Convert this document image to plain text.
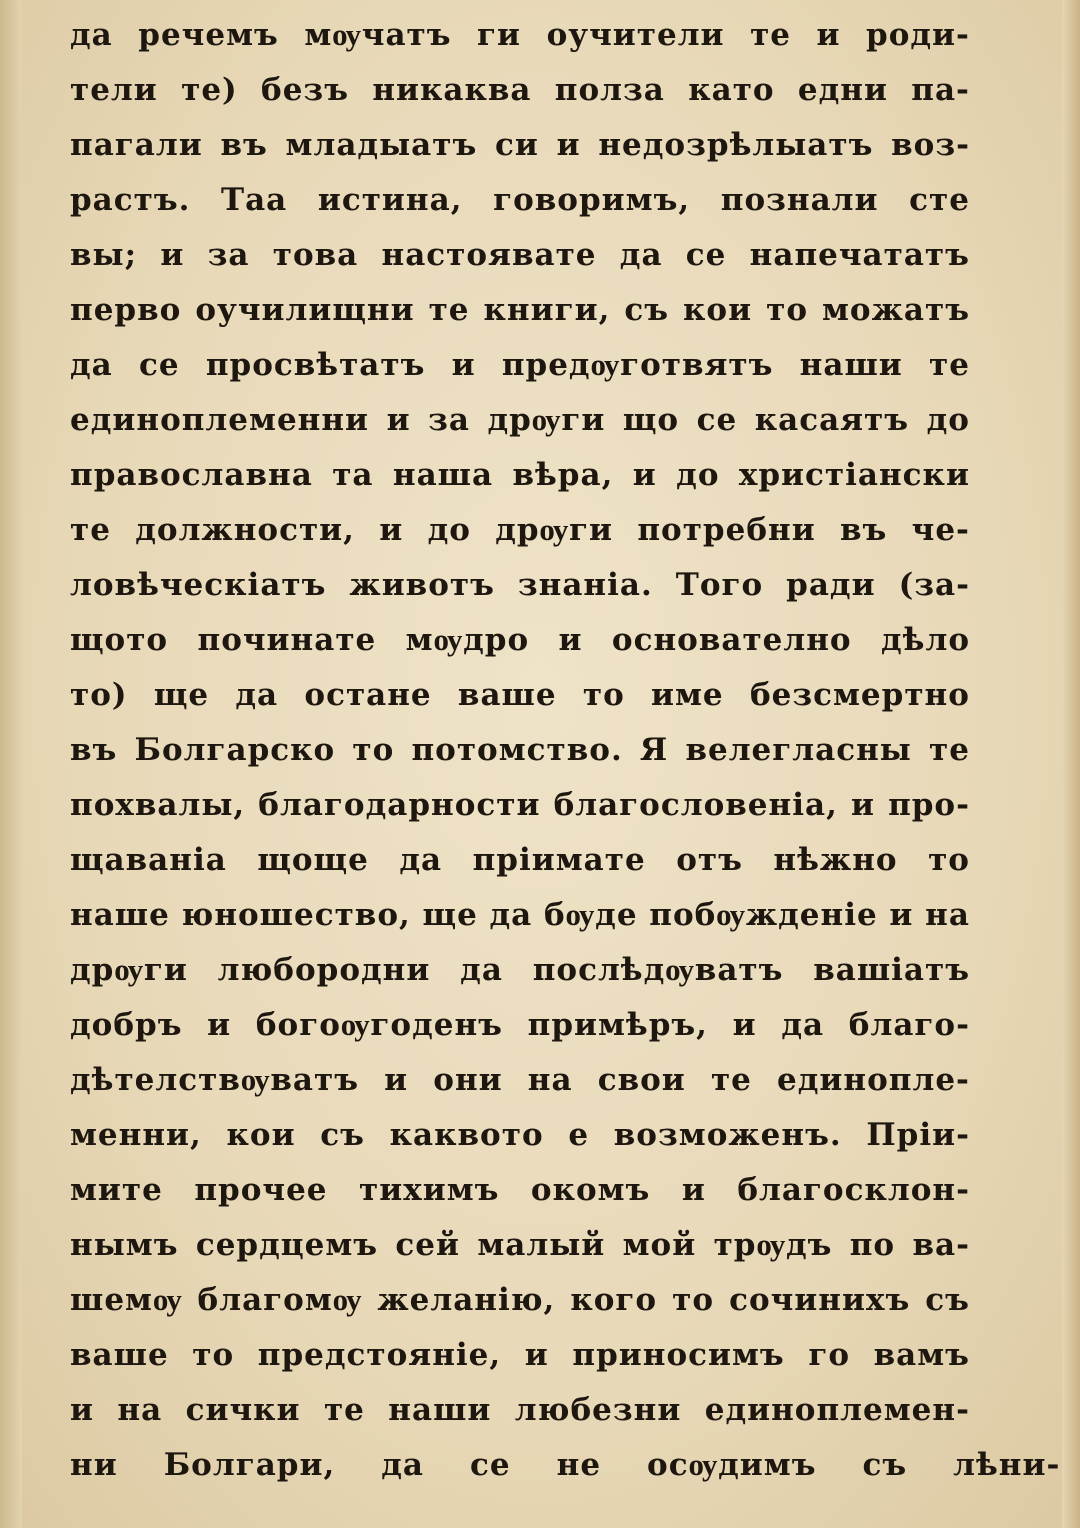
да речемъ мѹчатъ ги оучители те и роди-
тели те) безъ никаква полза като едни па-
пагали въ младыатъ си и недозрѣлыатъ воз-
растъ. Таа истина, говоримъ, познали сте
вы; и за това настоявате да се напечататъ
перво оучилищни те книги, съ кои то можатъ
да се просвѣтатъ и предѹготвятъ наши те
единоплеменни и за дрѹги що се касаятъ до
православна та наша вѣра, и до христіански
те должности, и до дрѹги потребни въ че-
ловѣческіатъ животъ знаніа. Того ради (за-
щото починате мѹдро и основателно дѣло
то) ще да остане ваше то име безсмертно
въ Болгарско то потомство. Я велегласны те
похвалы, благодарности благословеніа, и про-
щаваніа щоще да пріимате отъ нѣжно то
наше юношество, ще да бѹде побѹжденіе и на
дрѹги любородни да послѣдѹватъ вашіатъ
добръ и богоѹгоденъ примѣръ, и да благо-
дѣтелствѹватъ и они на свои те единопле-
менни, кои съ каквото е возможенъ. Пріи-
мите прочее тихимъ окомъ и благосклон-
нымъ сердцемъ сей малый мой трѹдъ по ва-
шемѹ благомѹ желанію, кого то сочинихъ съ
ваше то предстояніе, и приносимъ го вамъ
и на сички те наши любезни единоплемен-
ни Болгари, да се не осѹдимъ съ лѣни-
